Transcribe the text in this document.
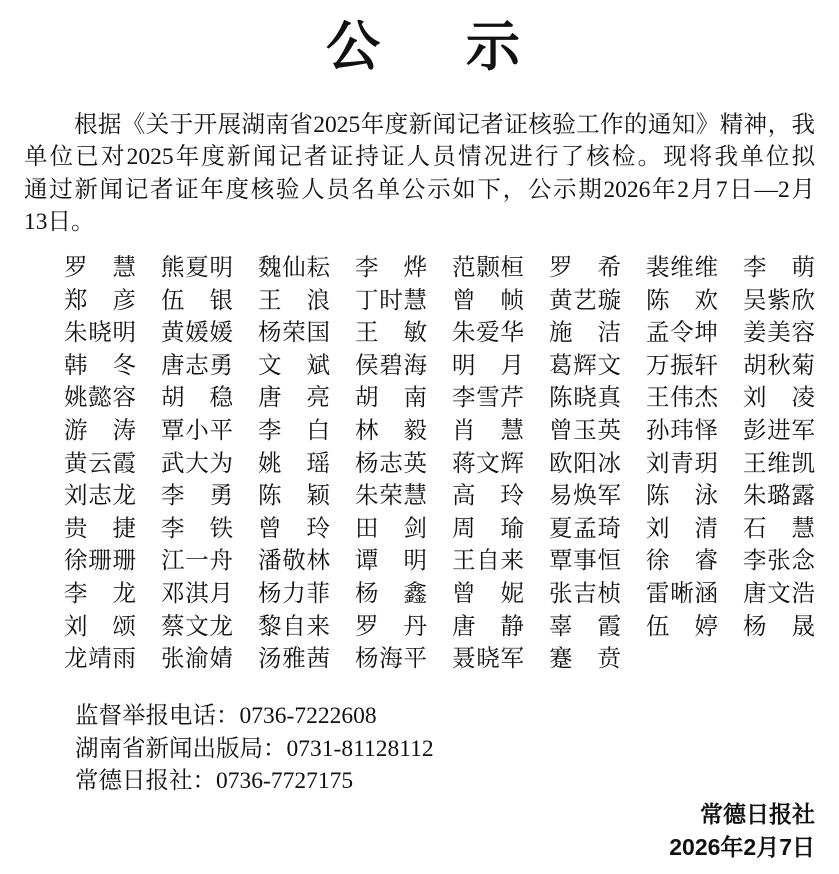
公示
根据《关于开展湖南省2025年度新闻记者证核验工作的通知》精神，我
单位已对2025年度新闻记者证持证人员情况进行了核检。现将我单位拟
通过新闻记者证年度核验人员名单公示如下，公示期2026年2月7日—2月
13日。
罗　慧 熊夏明 魏仙耘 李　烨 范颢桓 罗　希 裴维维 李　萌
郑　彦 伍　银 王　浪 丁时慧 曾　帧 黄艺璇 陈　欢 吴紫欣
朱晓明 黄媛媛 杨荣国 王　敏 朱爱华 施　洁 孟令坤 姜美容
韩　冬 唐志勇 文　斌 侯碧海 明　月 葛辉文 万振轩 胡秋菊
姚懿容 胡　稳 唐　亮 胡　南 李雪芹 陈晓真 王伟杰 刘　凌
游　涛 覃小平 李　白 林　毅 肖　慧 曾玉英 孙玮怿 彭进军
黄云霞 武大为 姚　瑶 杨志英 蒋文辉 欧阳冰 刘青玥 王维凯
刘志龙 李　勇 陈　颖 朱荣慧 高　玲 易焕军 陈　泳 朱璐露
贵　捷 李　铁 曾　玲 田　剑 周　瑜 夏孟琦 刘　清 石　慧
徐珊珊 江一舟 潘敬林 谭　明 王自来 覃事恒 徐　睿 李张念
李　龙 邓淇月 杨力菲 杨　鑫 曾　妮 张吉桢 雷晰涵 唐文浩
刘　颂 蔡文龙 黎自来 罗　丹 唐　静 辜　霞 伍　婷 杨　晟
龙靖雨 张渝婧 汤雅茜 杨海平 聂晓军 蹇　贲
监督举报电话：0736-7222608
湖南省新闻出版局：0731-81128112
常德日报社：0736-7727175
常德日报社
2026年2月7日
